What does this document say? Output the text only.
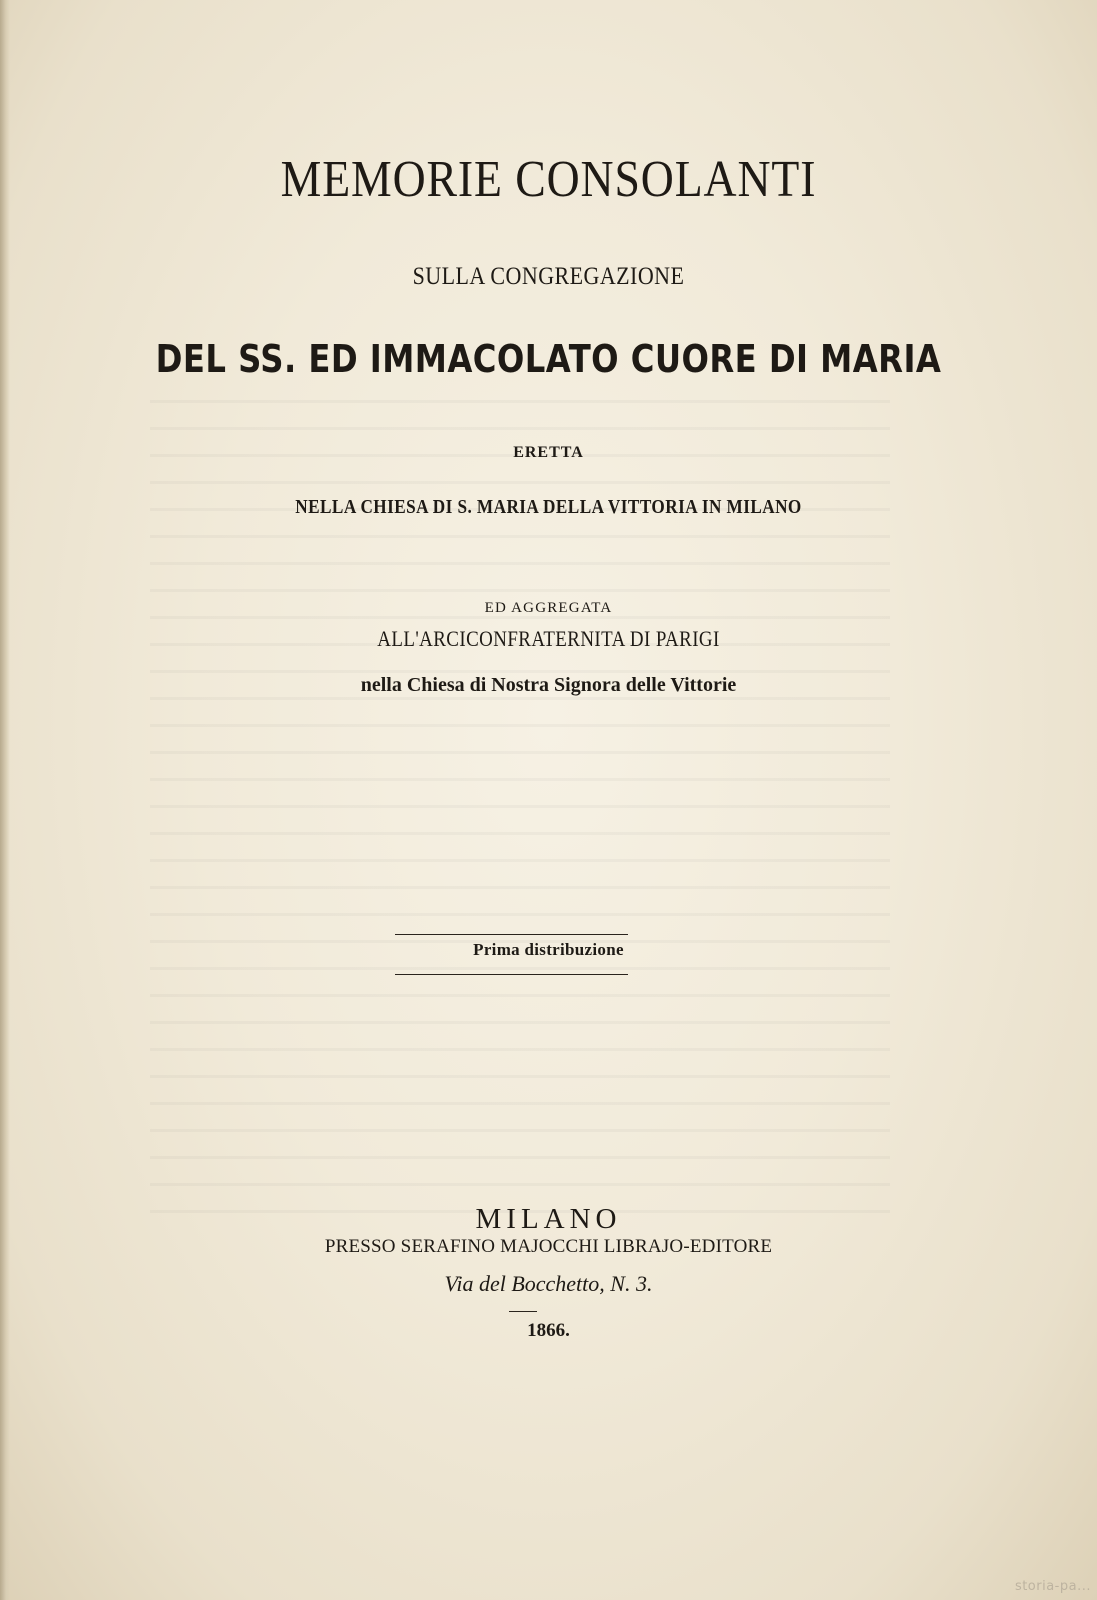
MEMORIE CONSOLANTI
SULLA CONGREGAZIONE
DEL SS. ED IMMACOLATO CUORE DI MARIA
ERETTA
NELLA CHIESA DI S. MARIA DELLA VITTORIA IN MILANO
ED AGGREGATA
ALL'ARCICONFRATERNITA DI PARIGI
nella Chiesa di Nostra Signora delle Vittorie
Prima distribuzione
MILANO
PRESSO SERAFINO MAJOCCHI LIBRAJO-EDITORE
Via del Bocchetto, N. 3.
1866.
storia-pa...
